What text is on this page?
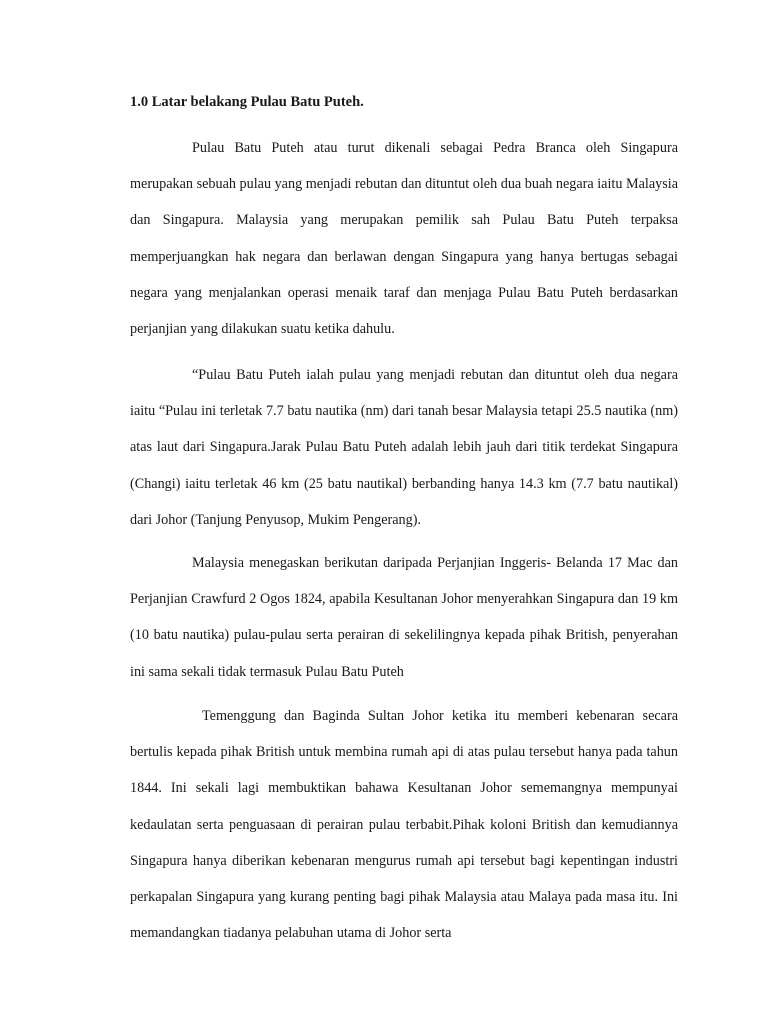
1.0 Latar belakang Pulau Batu Puteh.

Pulau Batu Puteh atau turut dikenali sebagai Pedra Branca oleh Singapura merupakan sebuah pulau yang menjadi rebutan dan dituntut oleh dua buah negara iaitu Malaysia dan Singapura. Malaysia yang merupakan pemilik sah Pulau Batu Puteh terpaksa memperjuangkan hak negara dan berlawan dengan Singapura yang hanya bertugas sebagai negara yang menjalankan operasi menaik taraf dan menjaga Pulau Batu Puteh berdasarkan perjanjian yang dilakukan suatu ketika dahulu.

“Pulau Batu Puteh ialah pulau yang menjadi rebutan dan dituntut oleh dua negara iaitu “Pulau ini terletak 7.7 batu nautika (nm) dari tanah besar Malaysia tetapi 25.5 nautika (nm) atas laut dari Singapura.Jarak Pulau Batu Puteh adalah lebih jauh dari titik terdekat Singapura (Changi) iaitu terletak 46 km (25 batu nautikal) berbanding hanya 14.3 km (7.7 batu nautikal) dari Johor (Tanjung Penyusop, Mukim Pengerang).

Malaysia menegaskan berikutan daripada Perjanjian Inggeris- Belanda 17 Mac dan Perjanjian Crawfurd 2 Ogos 1824, apabila Kesultanan Johor menyerahkan Singapura dan 19 km (10 batu nautika) pulau-pulau serta perairan di sekelilingnya kepada pihak British, penyerahan ini sama sekali tidak termasuk Pulau Batu Puteh

Temenggung dan Baginda Sultan Johor ketika itu memberi kebenaran secara bertulis kepada pihak British untuk membina rumah api di atas pulau tersebut hanya pada tahun 1844. Ini sekali lagi membuktikan bahawa Kesultanan Johor sememangnya mempunyai kedaulatan serta penguasaan di perairan pulau terbabit.Pihak koloni British dan kemudiannya Singapura hanya diberikan kebenaran mengurus rumah api tersebut bagi kepentingan industri perkapalan Singapura yang kurang penting bagi pihak Malaysia atau Malaya pada masa itu. Ini memandangkan tiadanya pelabuhan utama di Johor serta
